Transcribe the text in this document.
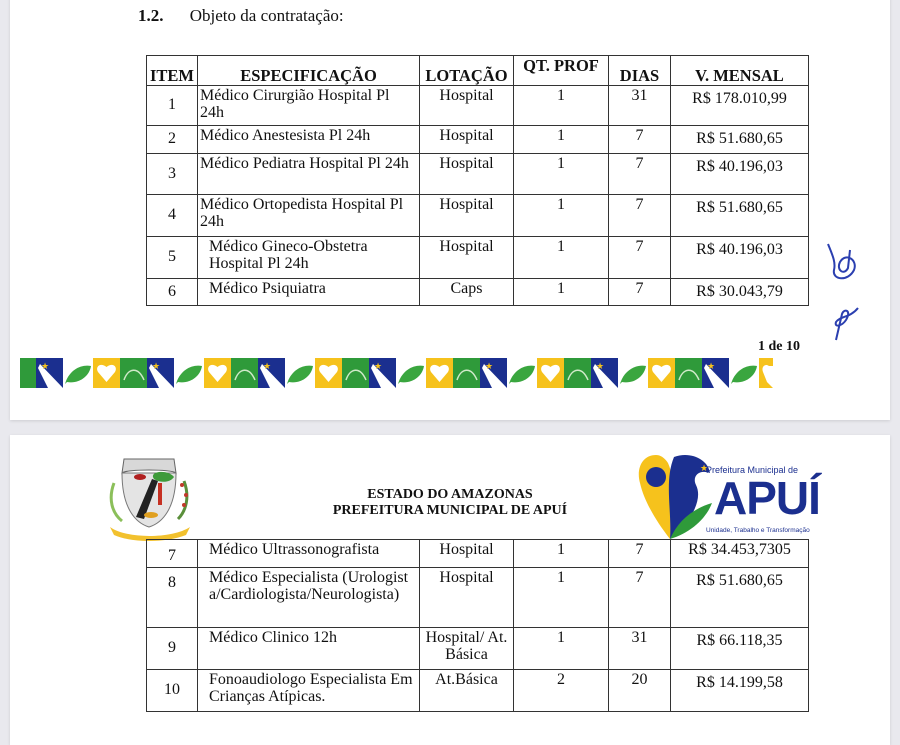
1.2. Objeto da contratação:
ITEM	ESPECIFICAÇÃO	LOTAÇÃO	QT. PROF	DIAS	V. MENSAL
1	Médico Cirurgião Hospital Pl 24h	Hospital	1	31	R$ 178.010,99
2	Médico Anestesista Pl 24h	Hospital	1	7	R$ 51.680,65
3	Médico Pediatra Hospital Pl 24h	Hospital	1	7	R$ 40.196,03
4	Médico Ortopedista Hospital Pl 24h	Hospital	1	7	R$ 51.680,65
5	Médico Gineco-Obstetra Hospital Pl 24h	Hospital	1	7	R$ 40.196,03
6	Médico Psiquiatra	Caps	1	7	R$ 30.043,79
1 de 10
★	★	★	★	★	★	★
ESTADO DO AMAZONAS
PREFEITURA MUNICIPAL DE APUÍ
★
Prefeitura Municipal de
APUÍ
Unidade, Trabalho e Transformação
7	Médico Ultrassonografista	Hospital	1	7	R$ 34.453,7305
8	Médico Especialista (Urologista/Cardiologista/Neurologista)	Hospital	1	7	R$ 51.680,65
9	Médico Clinico 12h	Hospital/ At. Básica	1	31	R$ 66.118,35
10	Fonoaudiologo Especialista Em Crianças Atípicas.	At.Básica	2	20	R$ 14.199,58
